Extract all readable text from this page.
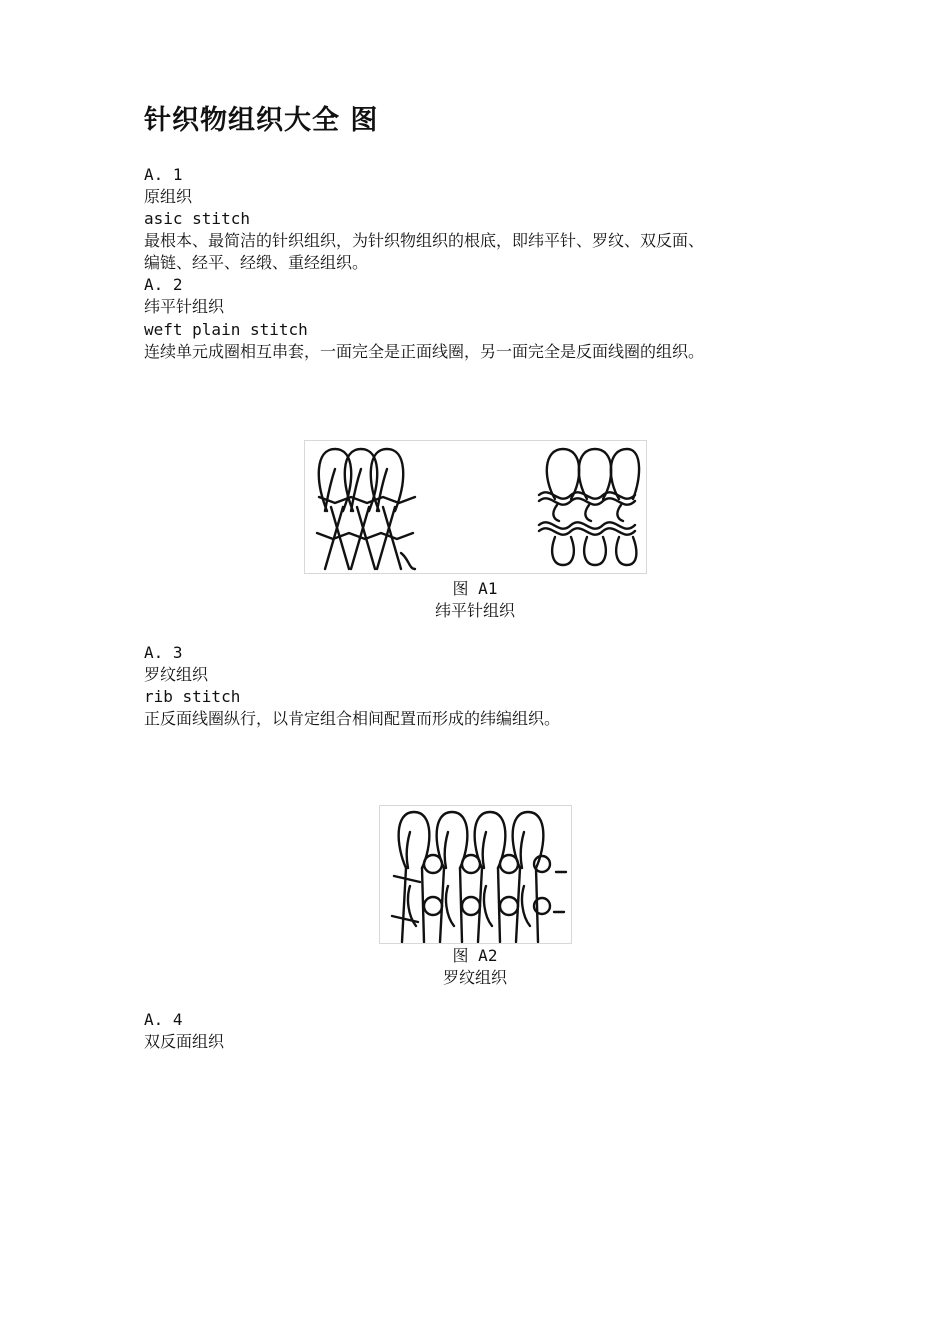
针织物组织大全 图

A. 1

原组织

asic stitch

最根本、最简洁的针织组织，为针织物组织的根底，即纬平针、罗纹、双反面、

编链、经平、经缎、重经组织。

A. 2

纬平针组织

weft plain stitch

连续单元成圈相互串套，一面完全是正面线圈，另一面完全是反面线圈的组织。

图 A1

纬平针组织

A. 3

罗纹组织

rib stitch

正反面线圈纵行，以肯定组合相间配置而形成的纬编组织。

图 A2

罗纹组织

A. 4

双反面组织
